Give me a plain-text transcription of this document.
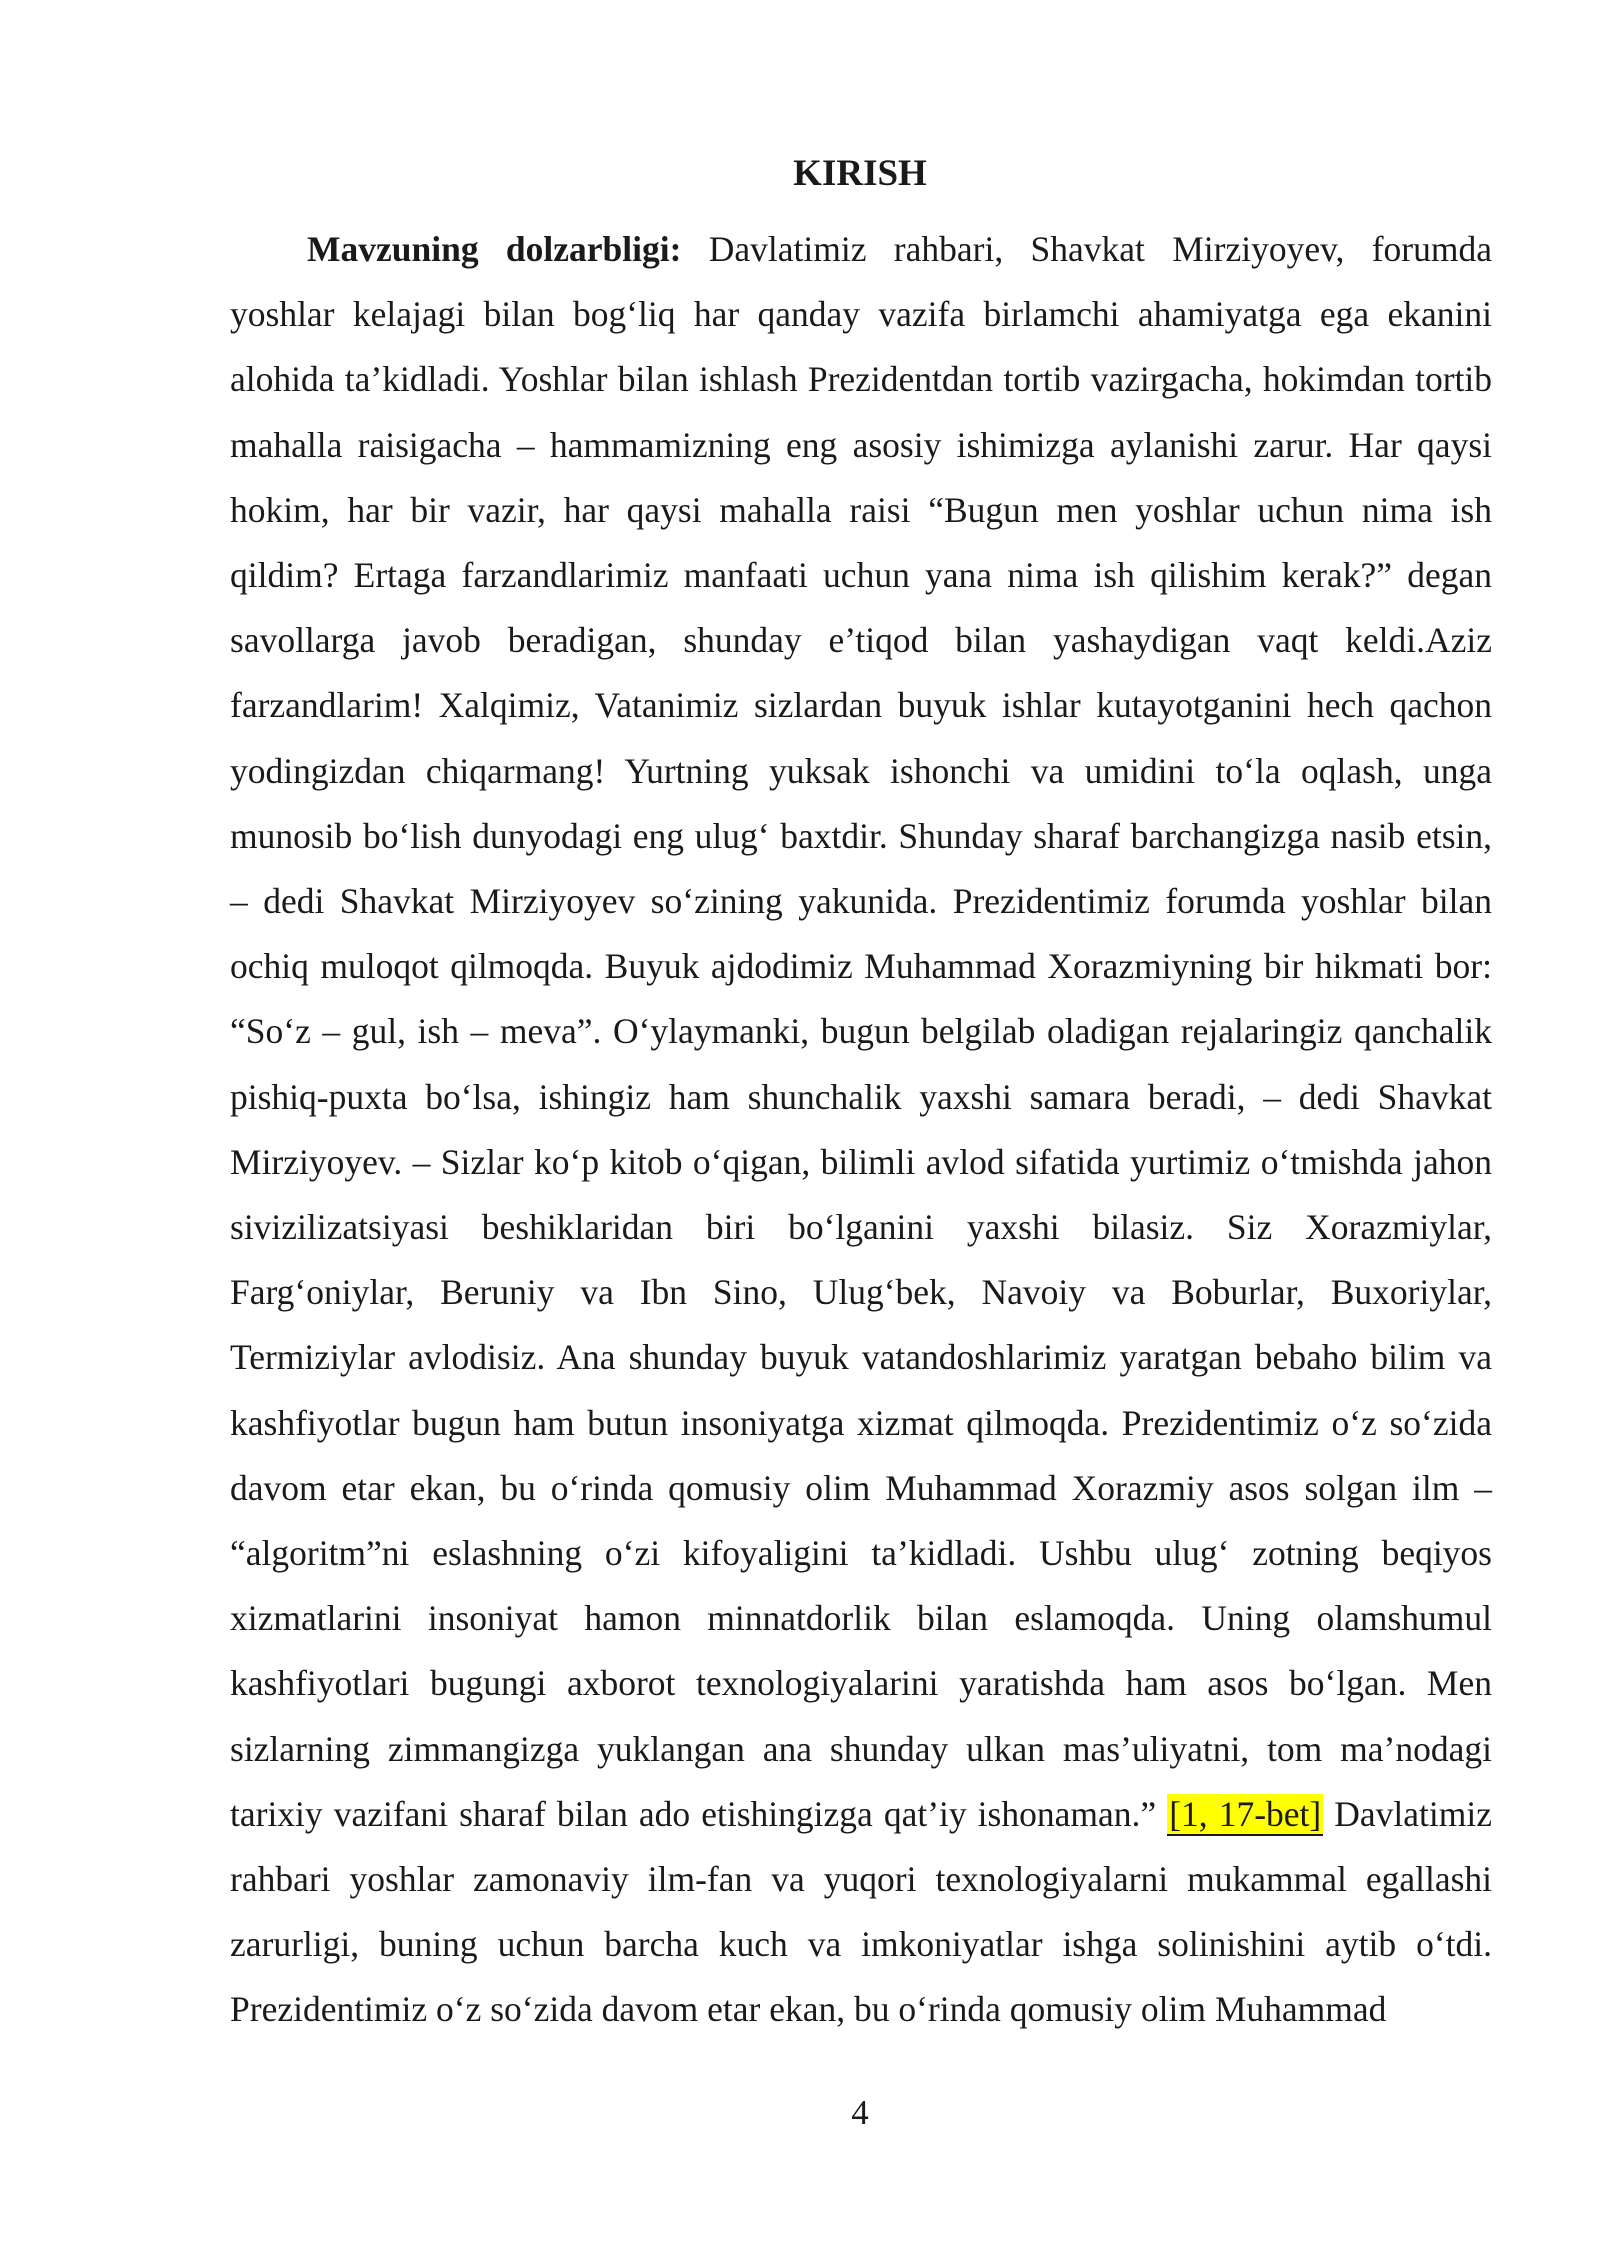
KIRISH

Mavzuning dolzarbligi: Davlatimiz rahbari, Shavkat Mirziyoyev, forumda yoshlar kelajagi bilan bog‘liq har qanday vazifa birlamchi ahamiyatga ega ekanini alohida ta’kidladi. Yoshlar bilan ishlash Prezidentdan tortib vazirgacha, hokimdan tortib mahalla raisigacha – hammamizning eng asosiy ishimizga aylanishi zarur. Har qaysi hokim, har bir vazir, har qaysi mahalla raisi “Bugun men yoshlar uchun nima ish qildim? Ertaga farzandlarimiz manfaati uchun yana nima ish qilishim kerak?” degan savollarga javob beradigan, shunday e’tiqod bilan yashaydigan vaqt keldi.Aziz farzandlarim! Xalqimiz, Vatanimiz sizlardan buyuk ishlar kutayotganini hech qachon yodingizdan chiqarmang! Yurtning yuksak ishonchi va umidini to‘la oqlash, unga munosib bo‘lish dunyodagi eng ulug‘ baxtdir. Shunday sharaf barchangizga nasib etsin, – dedi Shavkat Mirziyoyev so‘zining yakunida. Prezidentimiz forumda yoshlar bilan ochiq muloqot qilmoqda. Buyuk ajdodimiz Muhammad Xorazmiyning bir hikmati bor: “So‘z – gul, ish – meva”. O‘ylaymanki, bugun belgilab oladigan rejalaringiz qanchalik pishiq-puxta bo‘lsa, ishingiz ham shunchalik yaxshi samara beradi, – dedi Shavkat Mirziyoyev. – Sizlar ko‘p kitob o‘qigan, bilimli avlod sifatida yurtimiz o‘tmishda jahon sivizilizatsiyasi beshiklaridan biri bo‘lganini yaxshi bilasiz. Siz Xorazmiylar, Farg‘oniylar, Beruniy va Ibn Sino, Ulug‘bek, Navoiy va Boburlar, Buxoriylar, Termiziylar avlodisiz. Ana shunday buyuk vatandoshlarimiz yaratgan bebaho bilim va kashfiyotlar bugun ham butun insoniyatga xizmat qilmoqda. Prezidentimiz o‘z so‘zida davom etar ekan, bu o‘rinda qomusiy olim Muhammad Xorazmiy asos solgan ilm – “algoritm”ni eslashning o‘zi kifoyaligini ta’kidladi. Ushbu ulug‘ zotning beqiyos xizmatlarini insoniyat hamon minnatdorlik bilan eslamoqda. Uning olamshumul kashfiyotlari bugungi axborot texnologiyalarini yaratishda ham asos bo‘lgan. Men sizlarning zimmangizga yuklangan ana shunday ulkan mas’uliyatni, tom ma’nodagi tarixiy vazifani sharaf bilan ado etishingizga qat’iy ishonaman.” [1, 17-bet] Davlatimiz rahbari yoshlar zamonaviy ilm-fan va yuqori texnologiyalarni mukammal egallashi zarurligi, buning uchun barcha kuch va imkoniyatlar ishga solinishini aytib o‘tdi. Prezidentimiz o‘z so‘zida davom etar ekan, bu o‘rinda qomusiy olim Muhammad

4
